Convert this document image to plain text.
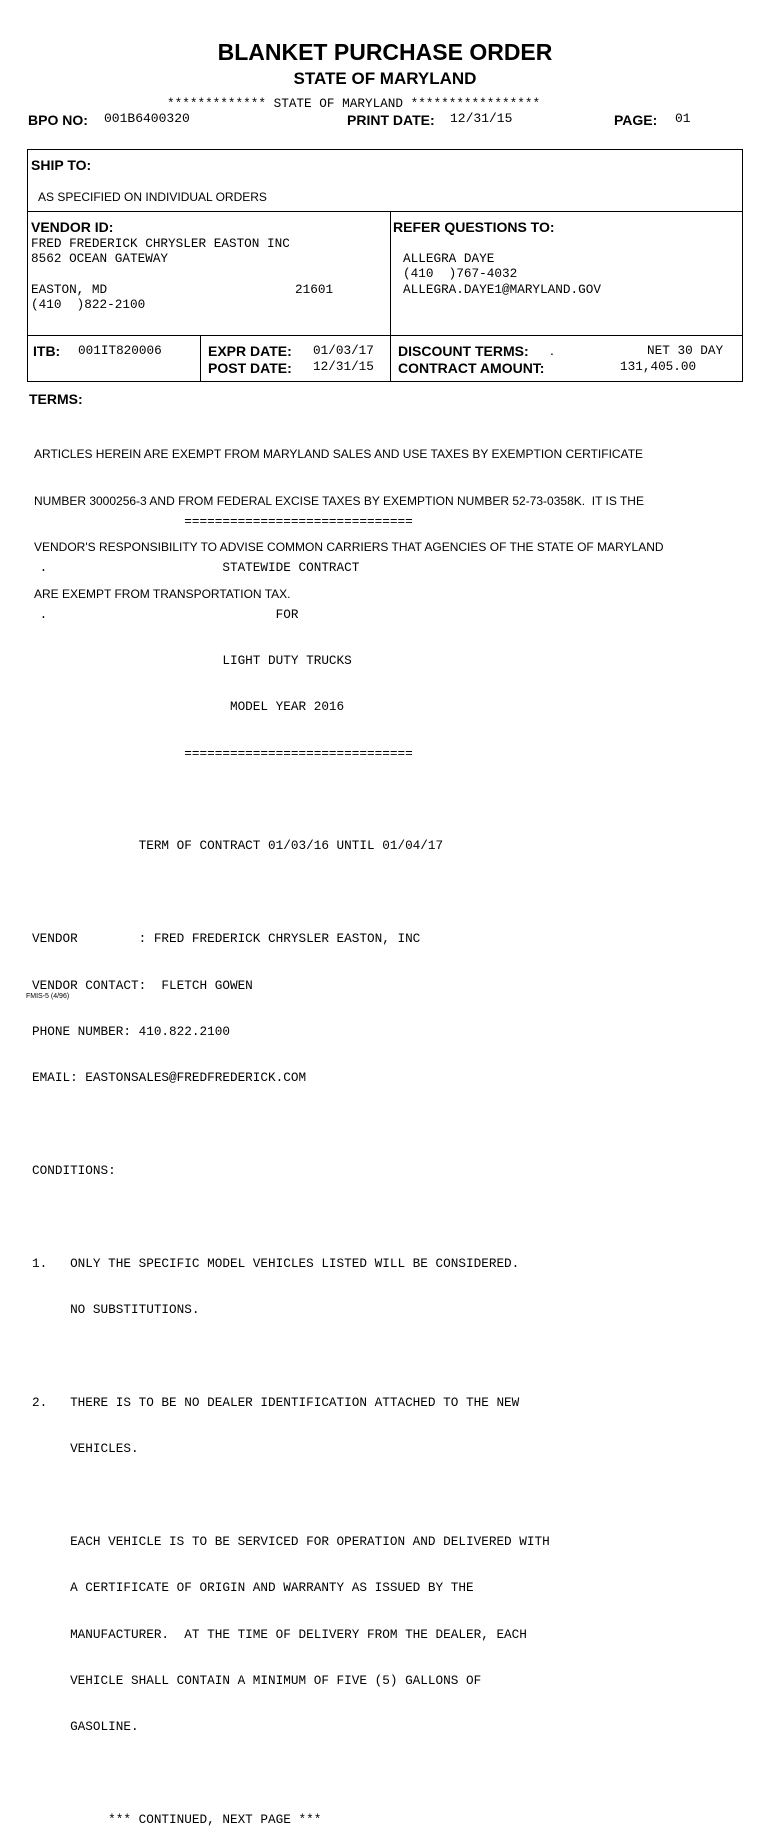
BLANKET PURCHASE ORDER
STATE OF MARYLAND
************* STATE OF MARYLAND *****************
BPO NO: 001B6400320	PRINT DATE: 12/31/15	PAGE: 01
SHIP TO:
AS SPECIFIED ON INDIVIDUAL ORDERS
VENDOR ID:
FRED FREDERICK CHRYSLER EASTON INC
8562 OCEAN GATEWAY
EASTON, MD	21601
(410  )822-2100
REFER QUESTIONS TO:
ALLEGRA DAYE
(410  )767-4032
ALLEGRA.DAYE1@MARYLAND.GOV
ITB: 001IT820006	EXPR DATE: 01/03/17
POST DATE: 12/31/15
DISCOUNT TERMS: .	NET 30 DAY
CONTRACT AMOUNT:	131,405.00
TERMS:

ARTICLES HEREIN ARE EXEMPT FROM MARYLAND SALES AND USE TAXES BY EXEMPTION CERTIFICATE

NUMBER 3000256-3 AND FROM FEDERAL EXCISE TAXES BY EXEMPTION NUMBER 52-73-0358K.  IT IS THE

VENDOR'S RESPONSIBILITY TO ADVISE COMMON CARRIERS THAT AGENCIES OF THE STATE OF MARYLAND

ARE EXEMPT FROM TRANSPORTATION TAX.

==============================

.                       STATEWIDE CONTRACT

.                              FOR

LIGHT DUTY TRUCKS

MODEL YEAR 2016

==============================

TERM OF CONTRACT 01/03/16 UNTIL 01/04/17

VENDOR        : FRED FREDERICK CHRYSLER EASTON, INC

VENDOR CONTACT:  FLETCH GOWEN

PHONE NUMBER: 410.822.2100

EMAIL: EASTONSALES@FREDFREDERICK.COM

CONDITIONS:

1.   ONLY THE SPECIFIC MODEL VEHICLES LISTED WILL BE CONSIDERED.

NO SUBSTITUTIONS.

2.   THERE IS TO BE NO DEALER IDENTIFICATION ATTACHED TO THE NEW

VEHICLES.

EACH VEHICLE IS TO BE SERVICED FOR OPERATION AND DELIVERED WITH

A CERTIFICATE OF ORIGIN AND WARRANTY AS ISSUED BY THE

MANUFACTURER.  AT THE TIME OF DELIVERY FROM THE DEALER, EACH

VEHICLE SHALL CONTAIN A MINIMUM OF FIVE (5) GALLONS OF

GASOLINE.

*** CONTINUED, NEXT PAGE ***

FMIS-5 (4/96)
